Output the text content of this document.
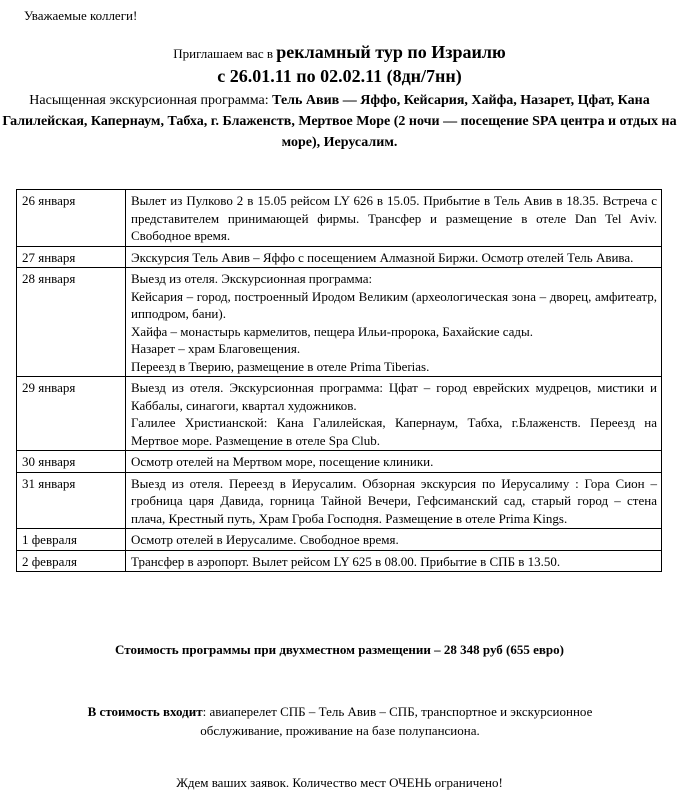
Уважаемые коллеги!
Приглашаем вас в рекламный тур по Израилю
с 26.01.11 по 02.02.11 (8дн/7нн)
Насыщенная экскурсионная программа: Тель Авив — Яффо, Кейсария, Хайфа, Назарет, Цфат, Кана Галилейская, Капернаум, Табха, г. Блаженств, Мертвое Море (2 ночи — посещение SPA центра и отдых на море), Иерусалим.
26 января	Вылет из Пулково 2 в 15.05 рейсом LY 626 в 15.05. Прибытие в Тель Авив в 18.35. Встреча с представителем принимающей фирмы. Трансфер и размещение в отеле Dan Tel Aviv. Свободное время.

27 января	Экскурсия Тель Авив – Яффо с посещением Алмазной Биржи. Осмотр отелей Тель Авива.

28 января	Выезд из отеля. Экскурсионная программа:
Кейсария – город, построенный Иродом Великим (археологическая зона – дворец, амфитеатр, ипподром, бани).
Хайфа – монастырь кармелитов, пещера Ильи-пророка, Бахайские сады.
Назарет – храм Благовещения.
Переезд в Тверию, размещение в отеле Prima Tiberias.

29 января	Выезд из отеля. Экскурсионная программа: Цфат – город еврейских мудрецов, мистики и Каббалы, синагоги, квартал художников.
Галилее Христианской: Кана Галилейская, Капернаум, Табха, г.Блаженств. Переезд на Мертвое море. Размещение в отеле Spa Club.

30 января	Осмотр отелей на Мертвом море, посещение клиники.

31 января	Выезд из отеля. Переезд в Иерусалим. Обзорная экскурсия по Иерусалиму : Гора Сион – гробница царя Давида, горница Тайной Вечери, Гефсиманский сад, старый город – стена плача, Крестный путь, Храм Гроба Господня. Размещение в отеле Prima Kings.

1 февраля	Осмотр отелей в Иерусалиме. Свободное время.

2 февраля	Трансфер в аэропорт. Вылет рейсом LY 625 в 08.00. Прибытие в СПБ в 13.50.
Стоимость программы при двухместном размещении – 28 348 руб (655 евро)
В стоимость входит: авиаперелет СПБ – Тель Авив – СПБ, транспортное и экскурсионное обслуживание, проживание на базе полупансиона.
Ждем ваших заявок. Количество мест ОЧЕНЬ ограничено!
